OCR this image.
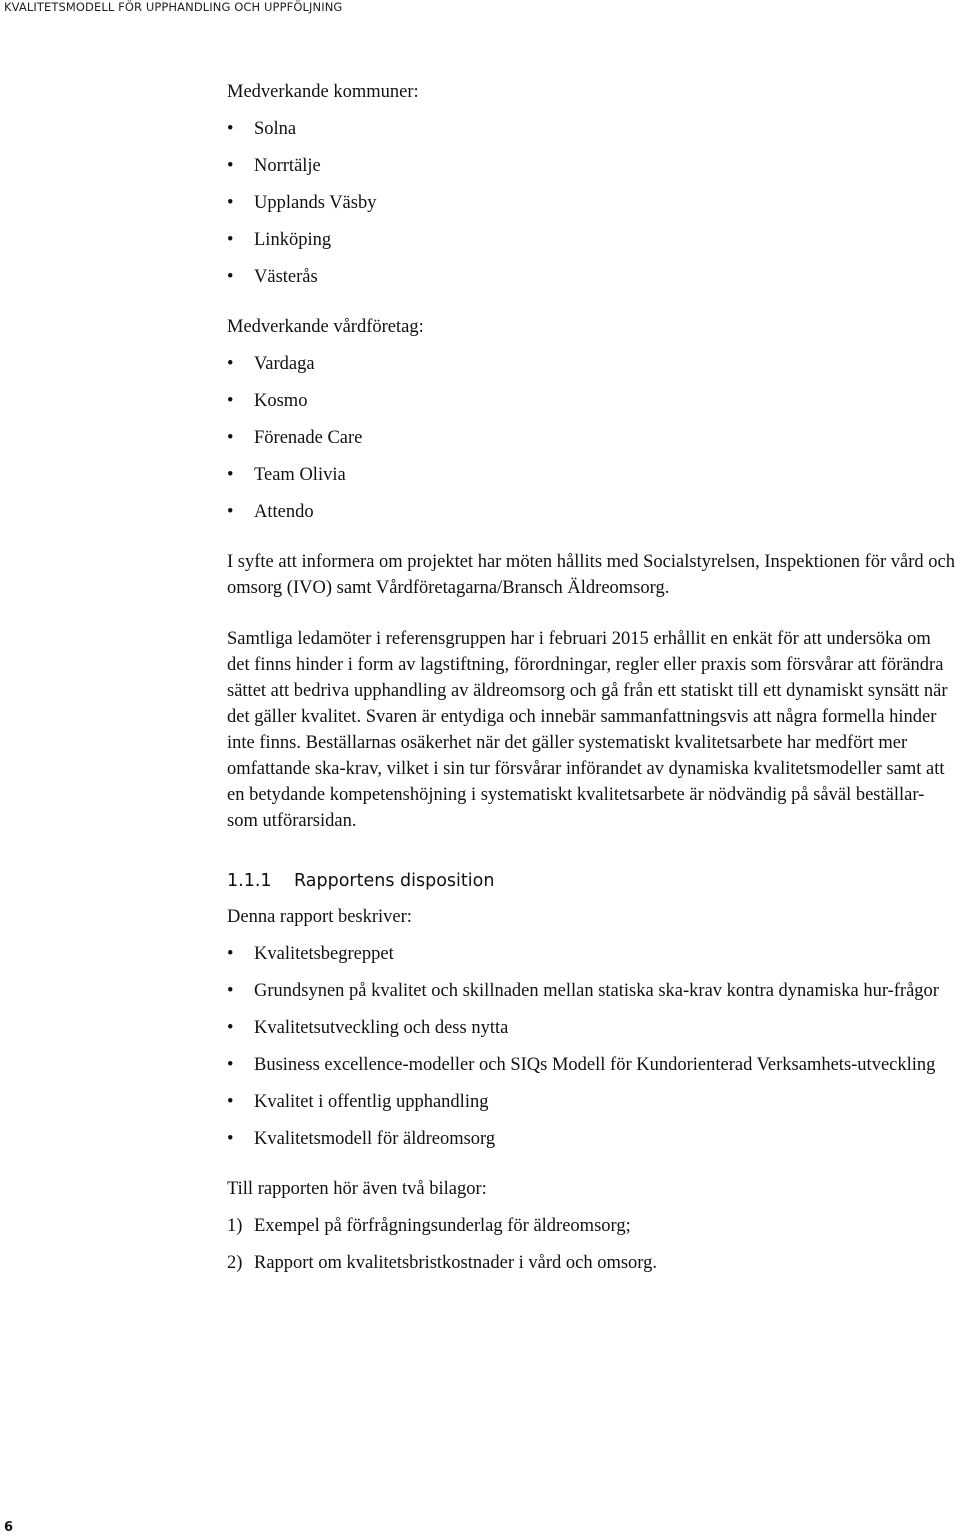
KVALITETSMODELL FÖR UPPHANDLING OCH UPPFÖLJNING

Medverkande kommuner:

•	Solna
•	Norrtälje
•	Upplands Väsby
•	Linköping
•	Västerås

Medverkande vårdföretag:

•	Vardaga
•	Kosmo
•	Förenade Care
•	Team Olivia
•	Attendo

I syfte att informera om projektet har möten hållits med Socialstyrelsen, Inspektionen för vård och omsorg (IVO) samt Vårdföretagarna/Bransch Äldreomsorg.

Samtliga ledamöter i referensgruppen har i februari 2015 erhållit en enkät för att undersöka om det finns hinder i form av lagstiftning, förordningar, regler eller praxis som försvårar att förändra sättet att bedriva upphandling av äldreomsorg och gå från ett statiskt till ett dynamiskt synsätt när det gäller kvalitet. Svaren är entydiga och innebär sammanfattningsvis att några formella hinder inte finns. Beställarnas osäkerhet när det gäller systematiskt kvalitetsarbete har medfört mer omfattande ska-krav, vilket i sin tur försvårar införandet av dynamiska kvalitetsmodeller samt att en betydande kompetenshöjning i systematiskt kvalitetsarbete är nödvändig på såväl beställar- som utförarsidan.

1.1.1	Rapportens disposition

Denna rapport beskriver:

•	Kvalitetsbegreppet
•	Grundsynen på kvalitet och skillnaden mellan statiska ska-krav kontra dynamiska hur-frågor
•	Kvalitetsutveckling och dess nytta
•	Business excellence-modeller och SIQs Modell för Kundorienterad Verksamhets-utveckling
•	Kvalitet i offentlig upphandling
•	Kvalitetsmodell för äldreomsorg

Till rapporten hör även två bilagor:

1) Exempel på förfrågningsunderlag för äldreomsorg;
2) Rapport om kvalitetsbristkostnader i vård och omsorg.
6
